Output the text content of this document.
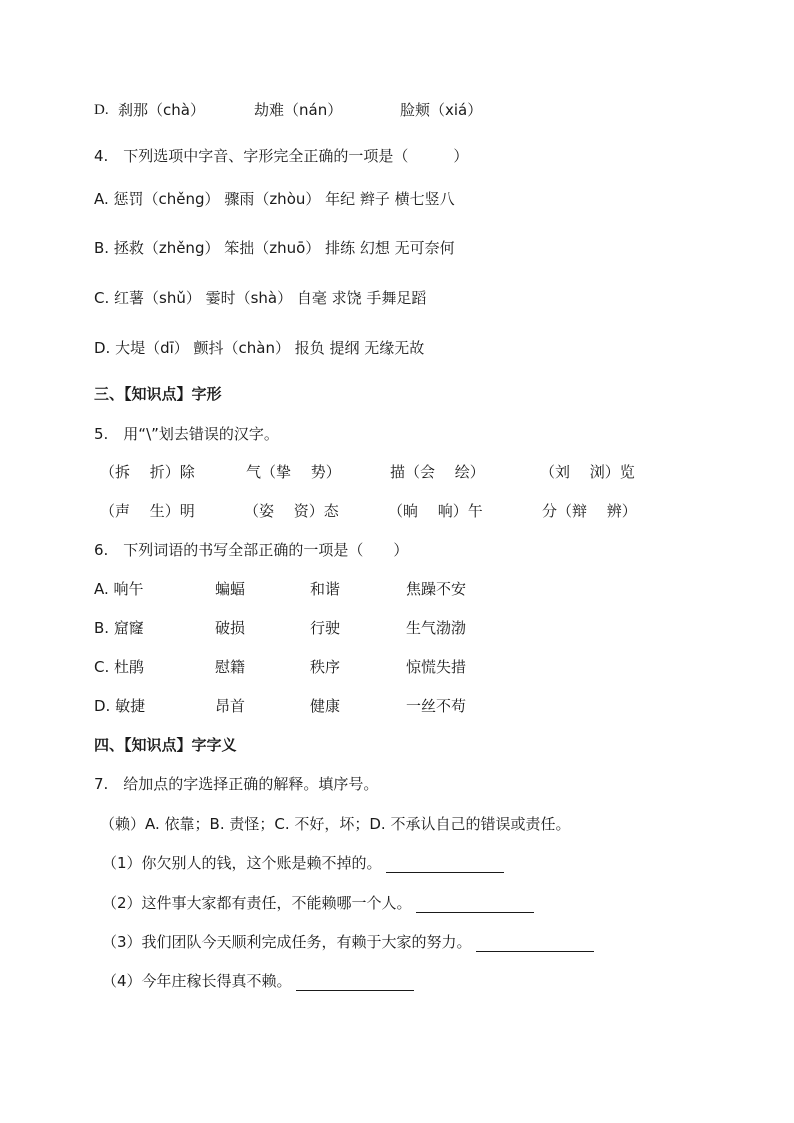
D. 刹那（chà）	劫难（nán）	脸颊（xiá）
4.　下列选项中字音、字形完全正确的一项是（　　　）
A. 惩罚（chěng） 骤雨（zhòu） 年纪 辫子 横七竖八
B. 拯救（zhěng） 笨拙（zhuō） 排练 幻想 无可奈何
C. 红薯（shǔ） 霎时（shà） 自毫 求饶 手舞足蹈
D. 大堤（dī） 颤抖（chàn） 报负 提纲 无缘无故
三、【知识点】字形
5.　用“\”划去错误的汉字。
（拆　 折）除	气（挚　 势）	描（会　 绘）	（刘　 浏）览
（声　 生）明	（姿　 资）态	（晌　 响）午	分（辩　 辨）
6.　下列词语的书写全部正确的一项是（　　）
A. 响午	蝙蝠	和谐	焦躁不安
B. 窟窿	破损	行驶	生气渤渤
C. 杜鹃	慰籍	秩序	惊慌失措
D. 敏捷	昂首	健康	一丝不苟
四、【知识点】字字义
7.　给加点的字选择正确的解释。填序号。
（赖）A. 依靠；B. 责怪；C. 不好，坏；D. 不承认自己的错误或责任。
（1）你欠别人的钱，这个账是赖不掉的。
（2）这件事大家都有责任，不能赖哪一个人。
（3）我们团队今天顺利完成任务，有赖于大家的努力。
（4）今年庄稼长得真不赖。
